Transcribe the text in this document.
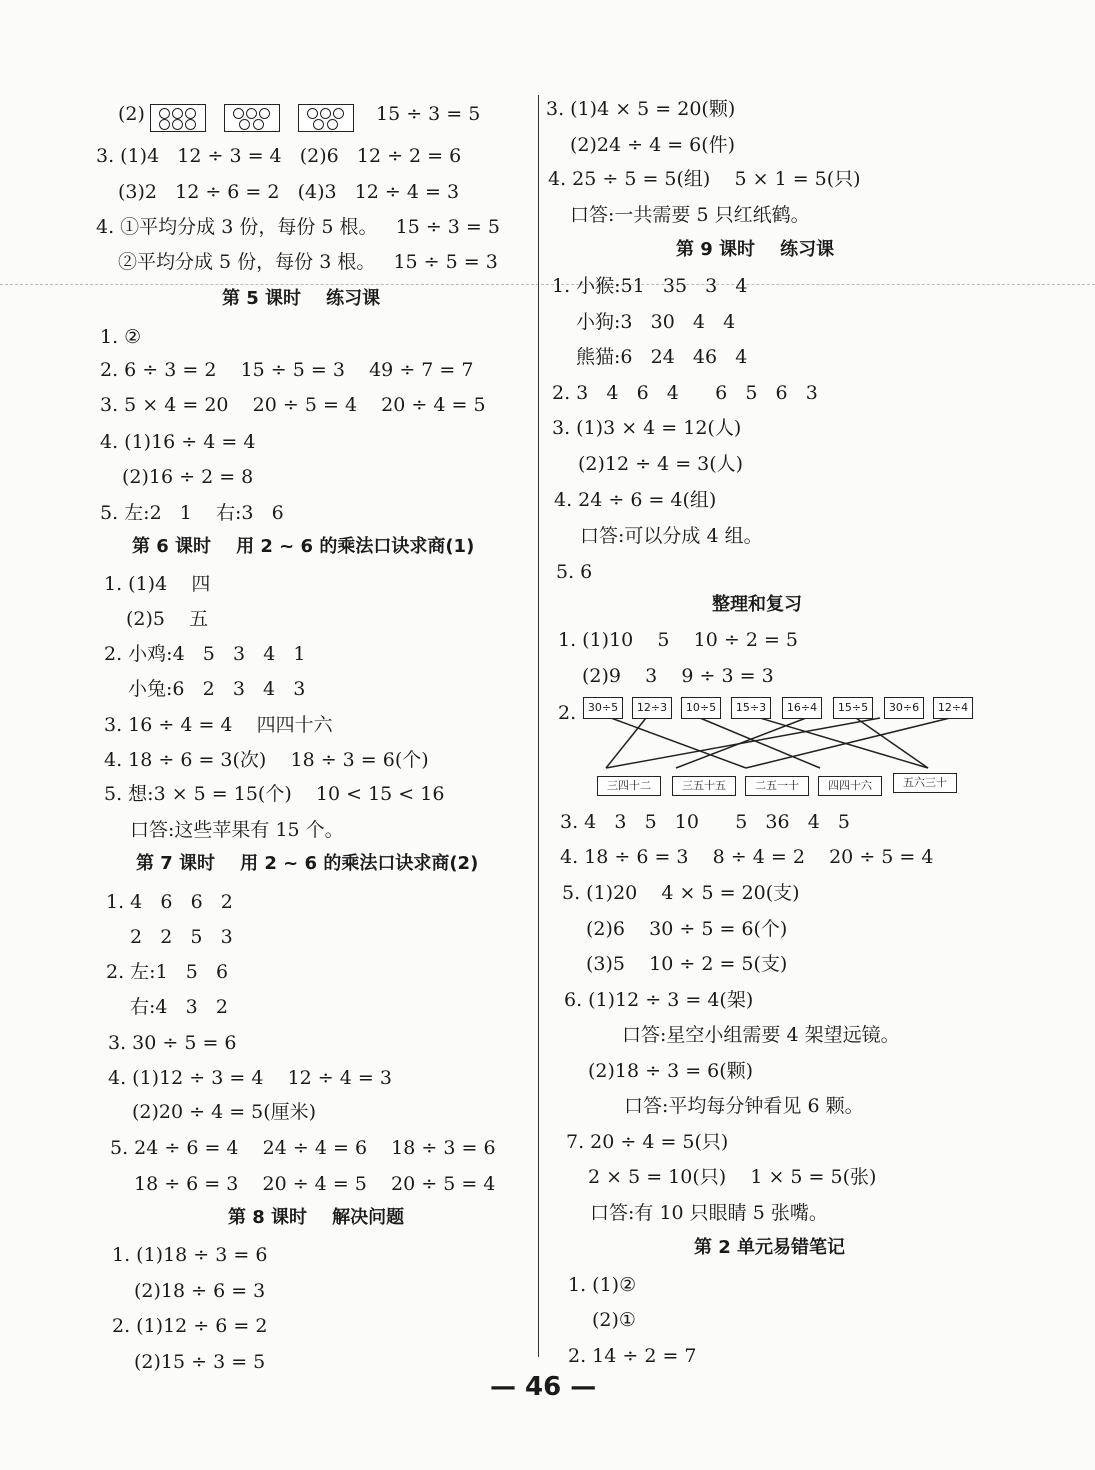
(2)	15 ÷ 3 = 5
3. (1)4   12 ÷ 3 = 4   (2)6   12 ÷ 2 = 6
(3)2   12 ÷ 6 = 2   (4)3   12 ÷ 4 = 3
4. ①平均分成 3 份，每份 5 根。   15 ÷ 3 = 5
②平均分成 5 份，每份 3 根。   15 ÷ 5 = 3
第 5 课时    练习课
1. ②
2. 6 ÷ 3 = 2    15 ÷ 5 = 3    49 ÷ 7 = 7
3. 5 × 4 = 20    20 ÷ 5 = 4    20 ÷ 4 = 5
4. (1)16 ÷ 4 = 4
(2)16 ÷ 2 = 8
5. 左:2   1    右:3   6
第 6 课时    用 2 ~ 6 的乘法口诀求商(1)
1. (1)4    四
(2)5    五
2. 小鸡:4   5   3   4   1
小兔:6   2   3   4   3
3. 16 ÷ 4 = 4    四四十六
4. 18 ÷ 6 = 3(次)    18 ÷ 3 = 6(个)
5. 想:3 × 5 = 15(个)    10 < 15 < 16
口答:这些苹果有 15 个。
第 7 课时    用 2 ~ 6 的乘法口诀求商(2)
1. 4   6   6   2
2   2   5   3
2. 左:1   5   6
右:4   3   2
3. 30 ÷ 5 = 6
4. (1)12 ÷ 3 = 4    12 ÷ 4 = 3
(2)20 ÷ 4 = 5(厘米)
5. 24 ÷ 6 = 4    24 ÷ 4 = 6    18 ÷ 3 = 6
18 ÷ 6 = 3    20 ÷ 4 = 5    20 ÷ 5 = 4
第 8 课时    解决问题
1. (1)18 ÷ 3 = 6
(2)18 ÷ 6 = 3
2. (1)12 ÷ 6 = 2
(2)15 ÷ 3 = 5
3. (1)4 × 5 = 20(颗)
(2)24 ÷ 4 = 6(件)
4. 25 ÷ 5 = 5(组)    5 × 1 = 5(只)
口答:一共需要 5 只红纸鹤。
第 9 课时    练习课
1. 小猴:51   35   3   4
小狗:3   30   4   4
熊猫:6   24   46   4
2. 3   4   6   4      6   5   6   3
3. (1)3 × 4 = 12(人)
(2)12 ÷ 4 = 3(人)
4. 24 ÷ 6 = 4(组)
口答:可以分成 4 组。
5. 6
整理和复习
1. (1)10    5    10 ÷ 2 = 5
(2)9    3    9 ÷ 3 = 3
2.	30÷5	12÷3	10÷5	15÷3	16÷4	15÷5	30÷6	12÷4
三四十二	三五十五	二五一十	四四十六	五六三十
3. 4   3   5   10      5   36   4   5
4. 18 ÷ 6 = 3    8 ÷ 4 = 2    20 ÷ 5 = 4
5. (1)20    4 × 5 = 20(支)
(2)6    30 ÷ 5 = 6(个)
(3)5    10 ÷ 2 = 5(支)
6. (1)12 ÷ 3 = 4(架)
口答:星空小组需要 4 架望远镜。
(2)18 ÷ 3 = 6(颗)
口答:平均每分钟看见 6 颗。
7. 20 ÷ 4 = 5(只)
2 × 5 = 10(只)    1 × 5 = 5(张)
口答:有 10 只眼睛 5 张嘴。
第 2 单元易错笔记
1. (1)②
(2)①
2. 14 ÷ 2 = 7
— 46 —
